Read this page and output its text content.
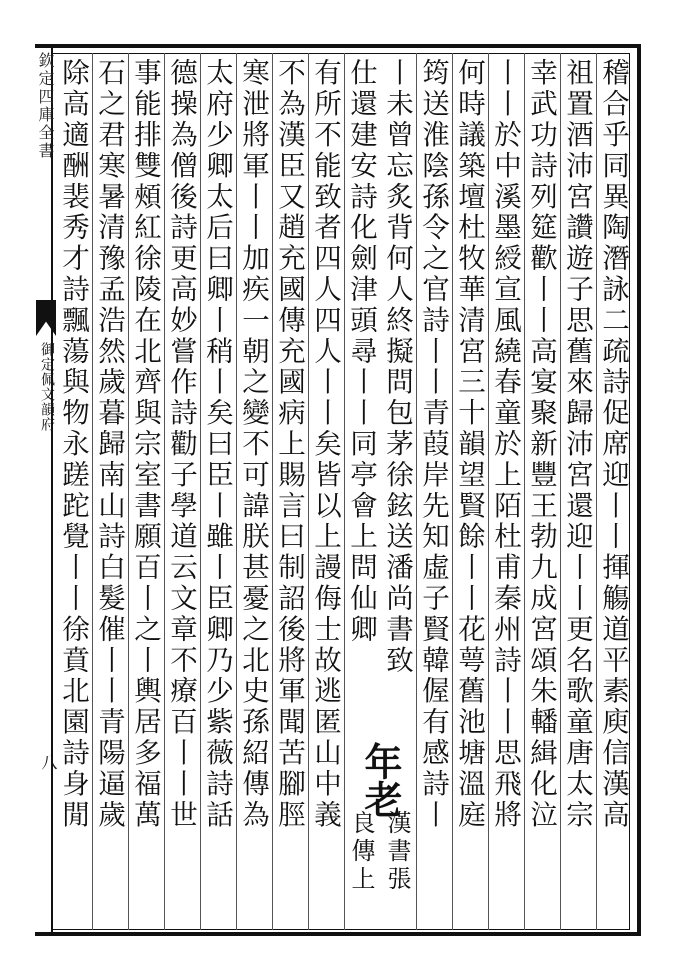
欽定四庫全書
御定佩文韻府
八	稽合乎同異陶潛詠二疏詩促席迎丨丨揮觴道平素庾信漢高
祖置酒沛宮讚遊子思舊來歸沛宮還迎丨丨更名歌童唐太宗
幸武功詩列筵歡丨丨高宴聚新豐王勃九成宮頌朱轓緝化泣
丨丨於中溪墨綬宣風繞春童於上陌杜甫秦州詩丨丨思飛將
何時議築壇杜牧華清宮三十韻望賢餘丨丨花萼舊池塘溫庭
筠送淮陰孫令之官詩丨丨青葭岸先知虛子賢韓偓有感詩丨
丨未曾忘炙背何人終擬問包茅徐鉉送潘尚書致
仕還建安詩化劍津頭尋丨丨同亭會上問仙卿
年老
良傳上 漢書張
有所不能致者四人四人丨丨矣皆以上謾侮士故逃匿山中義
不為漢臣又趙充國傳充國病上賜言曰制詔後將軍聞苦腳脛
寒泄將軍丨丨加疾一朝之變不可諱朕甚憂之北史孫紹傳為
太府少卿太后曰卿丨稍丨矣曰臣丨雖丨臣卿乃少紫薇詩話
德操為僧後詩更高妙嘗作詩勸子學道云文章不療百丨丨世
事能排雙頰紅徐陵在北齊與宗室書願百丨之丨輿居多福萬
石之君寒暑清豫孟浩然歲暮歸南山詩白髮催丨丨青陽逼歲
除高適酬裴秀才詩飄蕩與物永蹉跎覺丨丨徐賁北園詩身閒
